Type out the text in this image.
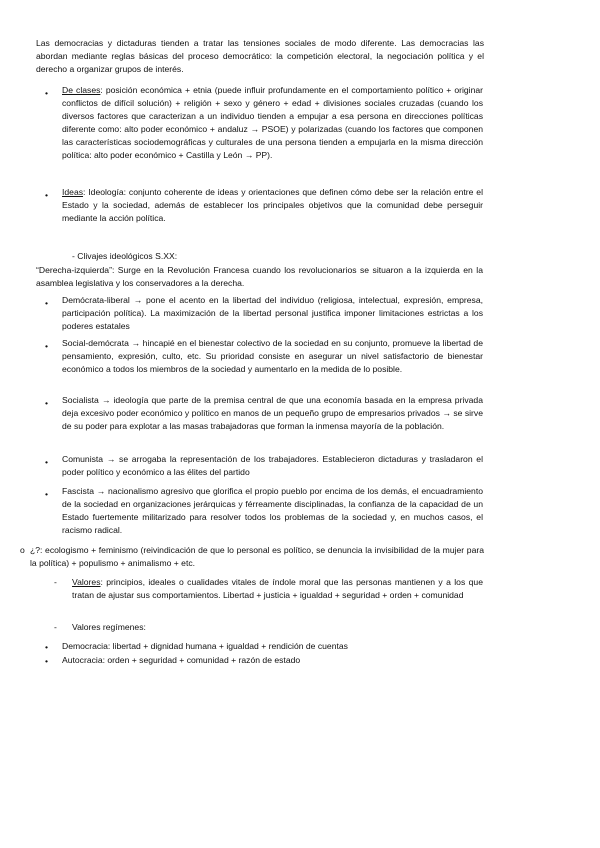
Las democracias y dictaduras tienden a tratar las tensiones sociales de modo diferente. Las democracias las abordan mediante reglas básicas del proceso democrático: la competición electoral, la negociación política y el derecho a organizar grupos de interés.

•	De clases: posición económica + etnia (puede influir profundamente en el comportamiento político + originar conflictos de difícil solución) + religión + sexo y género + edad + divisiones sociales cruzadas (cuando los diversos factores que caracterizan a un individuo tienden a empujar a esa persona en direcciones políticas diferente como: alto poder económico + andaluz → PSOE) y polarizadas (cuando los factores que componen las características sociodemográficas y culturales de una persona tienden a empujarla en la misma dirección política: alto poder económico + Castilla y León → PP).

•	Ideas: Ideología: conjunto coherente de ideas y orientaciones que definen cómo debe ser la relación entre el Estado y la sociedad, además de establecer los principales objetivos que la comunidad debe perseguir mediante la acción política.

- Clivajes ideológicos S.XX:

“Derecha-izquierda”: Surge en la Revolución Francesa cuando los revolucionarios se situaron a la izquierda en la asamblea legislativa y los conservadores a la derecha.

•	Demócrata-liberal → pone el acento en la libertad del individuo (religiosa, intelectual, expresión, empresa, participación política). La maximización de la libertad personal justifica imponer limitaciones estrictas a los poderes estatales

•	Social-demócrata → hincapié en el bienestar colectivo de la sociedad en su conjunto, promueve la libertad de pensamiento, expresión, culto, etc. Su prioridad consiste en asegurar un nivel satisfactorio de bienestar económico a todos los miembros de la sociedad y aumentarlo en la medida de lo posible.

•	Socialista → ideología que parte de la premisa central de que una economía basada en la empresa privada deja excesivo poder económico y político en manos de un pequeño grupo de empresarios privados → se sirve de su poder para explotar a las masas trabajadoras que forman la inmensa mayoría de la población.

•	Comunista → se arrogaba la representación de los trabajadores. Establecieron dictaduras y trasladaron el poder político y económico a las élites del partido

•	Fascista → nacionalismo agresivo que glorifica el propio pueblo por encima de los demás, el encuadramiento de la sociedad en organizaciones jerárquicas y férreamente disciplinadas, la confianza de la capacidad de un Estado fuertemente militarizado para resolver todos los problemas de la sociedad y, en muchos casos, el racismo radical.

o ¿?: ecologismo + feminismo (reivindicación de que lo personal es político, se denuncia la invisibilidad de la mujer para la política) + populismo + animalismo + etc.

-	Valores: principios, ideales o cualidades vitales de índole moral que las personas mantienen y a los que tratan de ajustar sus comportamientos. Libertad + justicia + igualdad + seguridad + orden + comunidad

-	Valores regímenes:

•	Democracia: libertad + dignidad humana + igualdad + rendición de cuentas

•	Autocracia: orden + seguridad + comunidad + razón de estado
